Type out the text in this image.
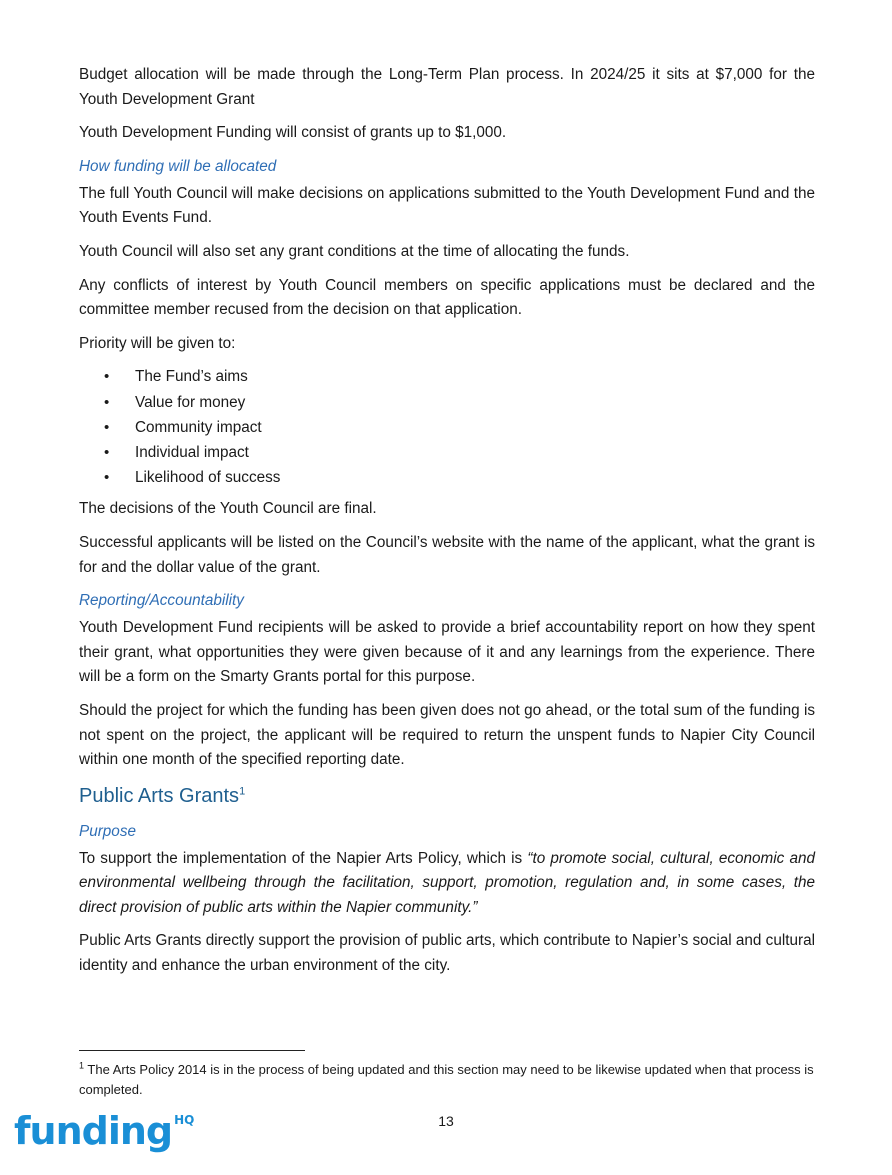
Budget allocation will be made through the Long-Term Plan process. In 2024/25 it sits at $7,000 for the Youth Development Grant

Youth Development Funding will consist of grants up to $1,000.

How funding will be allocated

The full Youth Council will make decisions on applications submitted to the Youth Development Fund and the Youth Events Fund.

Youth Council will also set any grant conditions at the time of allocating the funds.

Any conflicts of interest by Youth Council members on specific applications must be declared and the committee member recused from the decision on that application.

Priority will be given to:

• The Fund’s aims
• Value for money
• Community impact
• Individual impact
• Likelihood of success

The decisions of the Youth Council are final.

Successful applicants will be listed on the Council’s website with the name of the applicant, what the grant is for and the dollar value of the grant.

Reporting/Accountability

Youth Development Fund recipients will be asked to provide a brief accountability report on how they spent their grant, what opportunities they were given because of it and any learnings from the experience. There will be a form on the Smarty Grants portal for this purpose.

Should the project for which the funding has been given does not go ahead, or the total sum of the funding is not spent on the project, the applicant will be required to return the unspent funds to Napier City Council within one month of the specified reporting date.

Public Arts Grants$^1$
Purpose

To support the implementation of the Napier Arts Policy, which is “to promote social, cultural, economic and environmental wellbeing through the facilitation, support, promotion, regulation and, in some cases, the direct provision of public arts within the Napier community.”

Public Arts Grants directly support the provision of public arts, which contribute to Napier’s social and cultural identity and enhance the urban environment of the city.

$^1$ The Arts Policy 2014 is in the process of being updated and this section may need to be likewise updated when that process is completed.
13
funding $^{HQ}$
